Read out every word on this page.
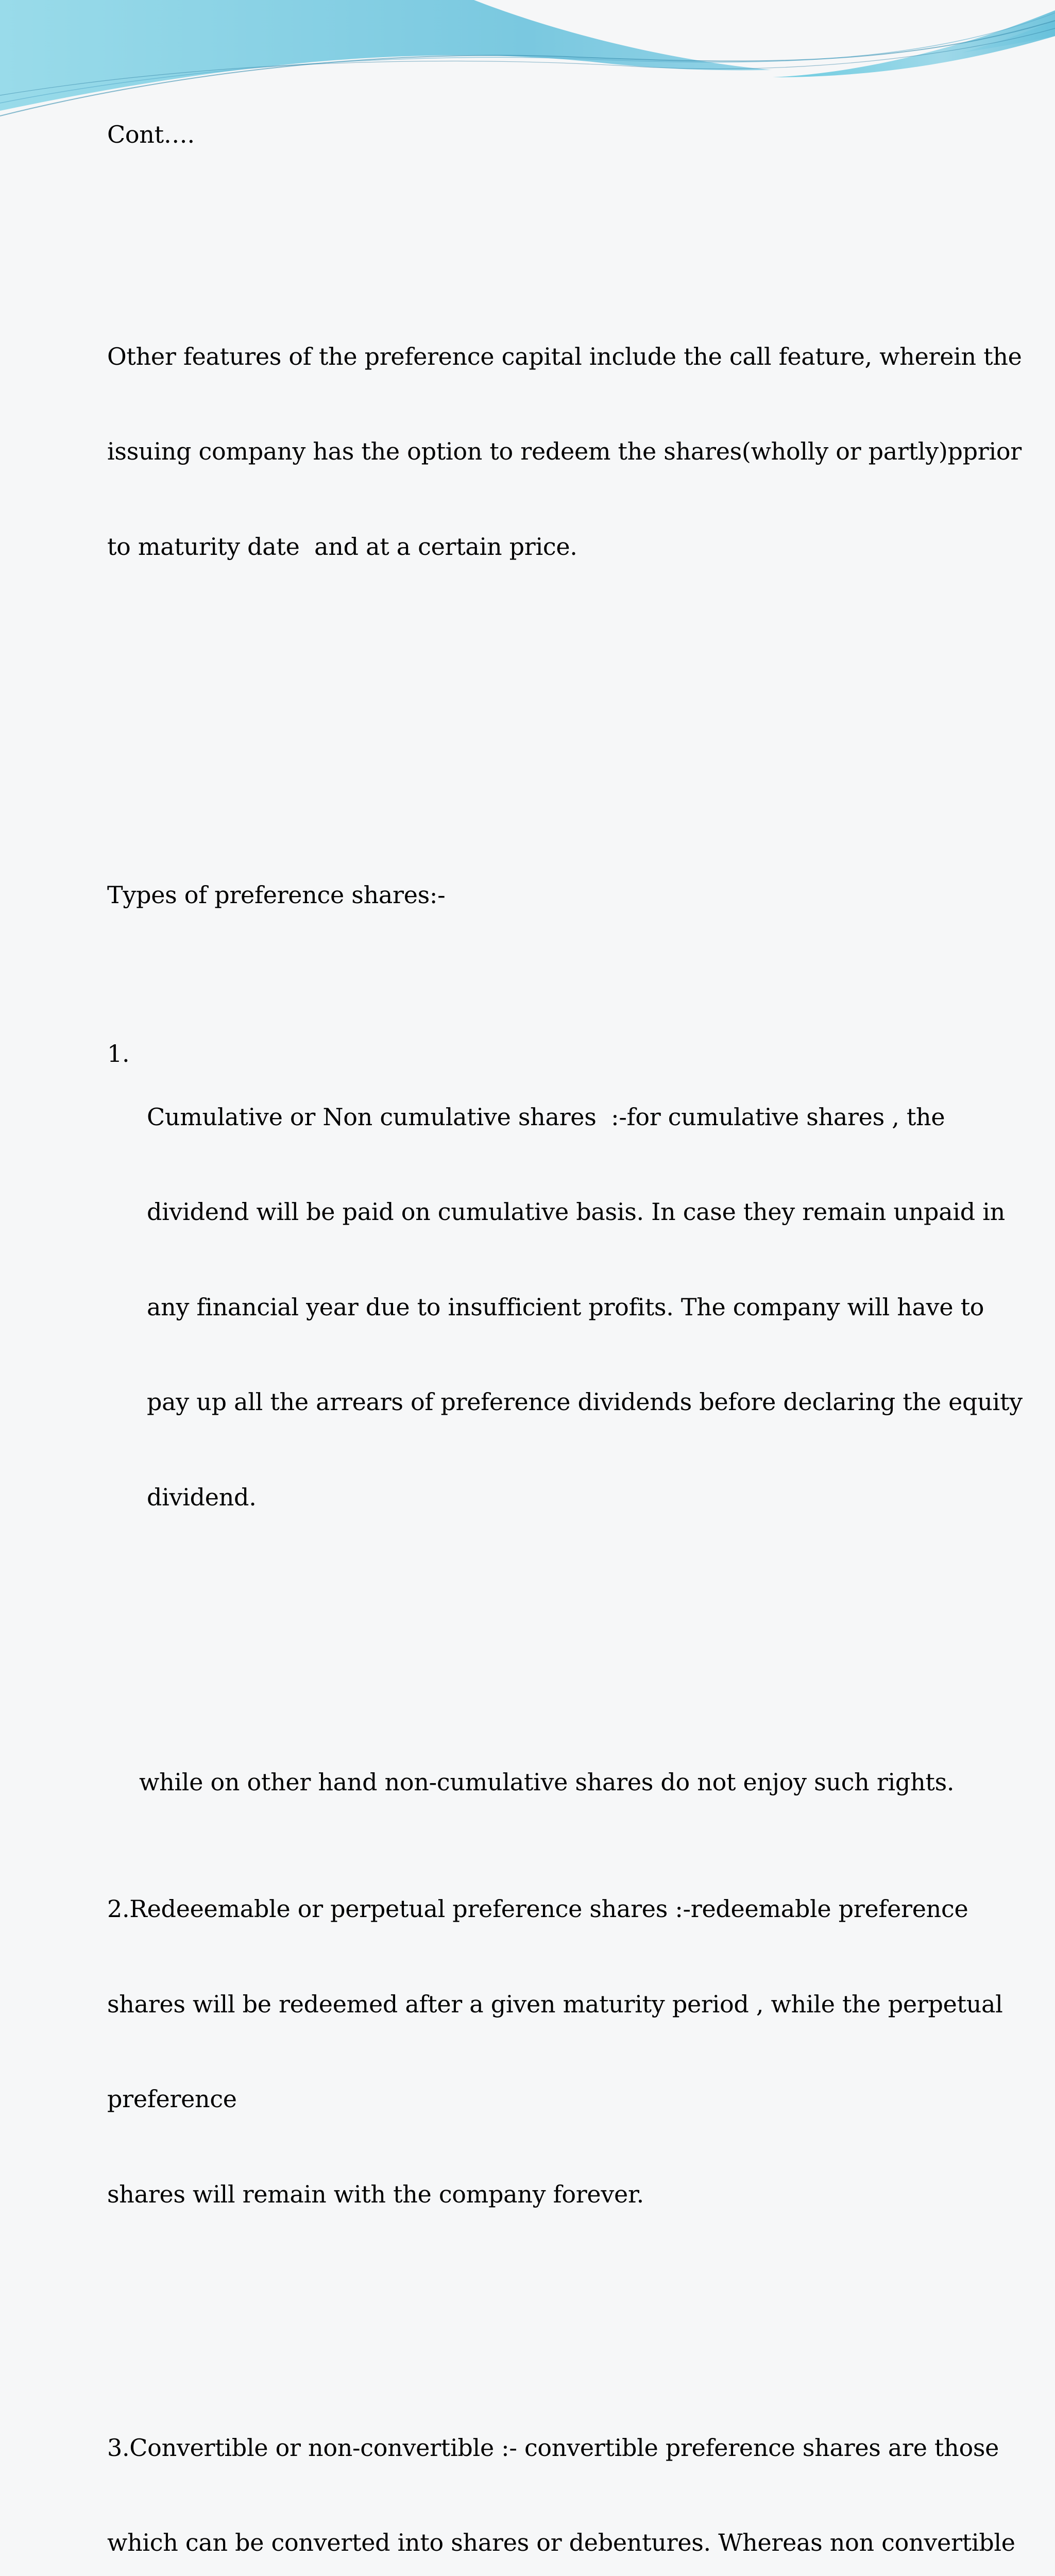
Cont….

Other features of the preference capital include the call feature, wherein the

issuing company has the option to redeem the shares(wholly or partly)pprior

to maturity date  and at a certain price.

Types of preference shares:-

1.

Cumulative or Non cumulative shares  :-for cumulative shares , the

dividend will be paid on cumulative basis. In case they remain unpaid in

any financial year due to insufficient profits. The company will have to

pay up all the arrears of preference dividends before declaring the equity

dividend.

while on other hand non-cumulative shares do not enjoy such rights.

2.Redeeemable or perpetual preference shares :-redeemable preference

shares will be redeemed after a given maturity period , while the perpetual

preference

shares will remain with the company forever.

3.Convertible or non-convertible :- convertible preference shares are those

which can be converted into shares or debentures. Whereas non convertible
